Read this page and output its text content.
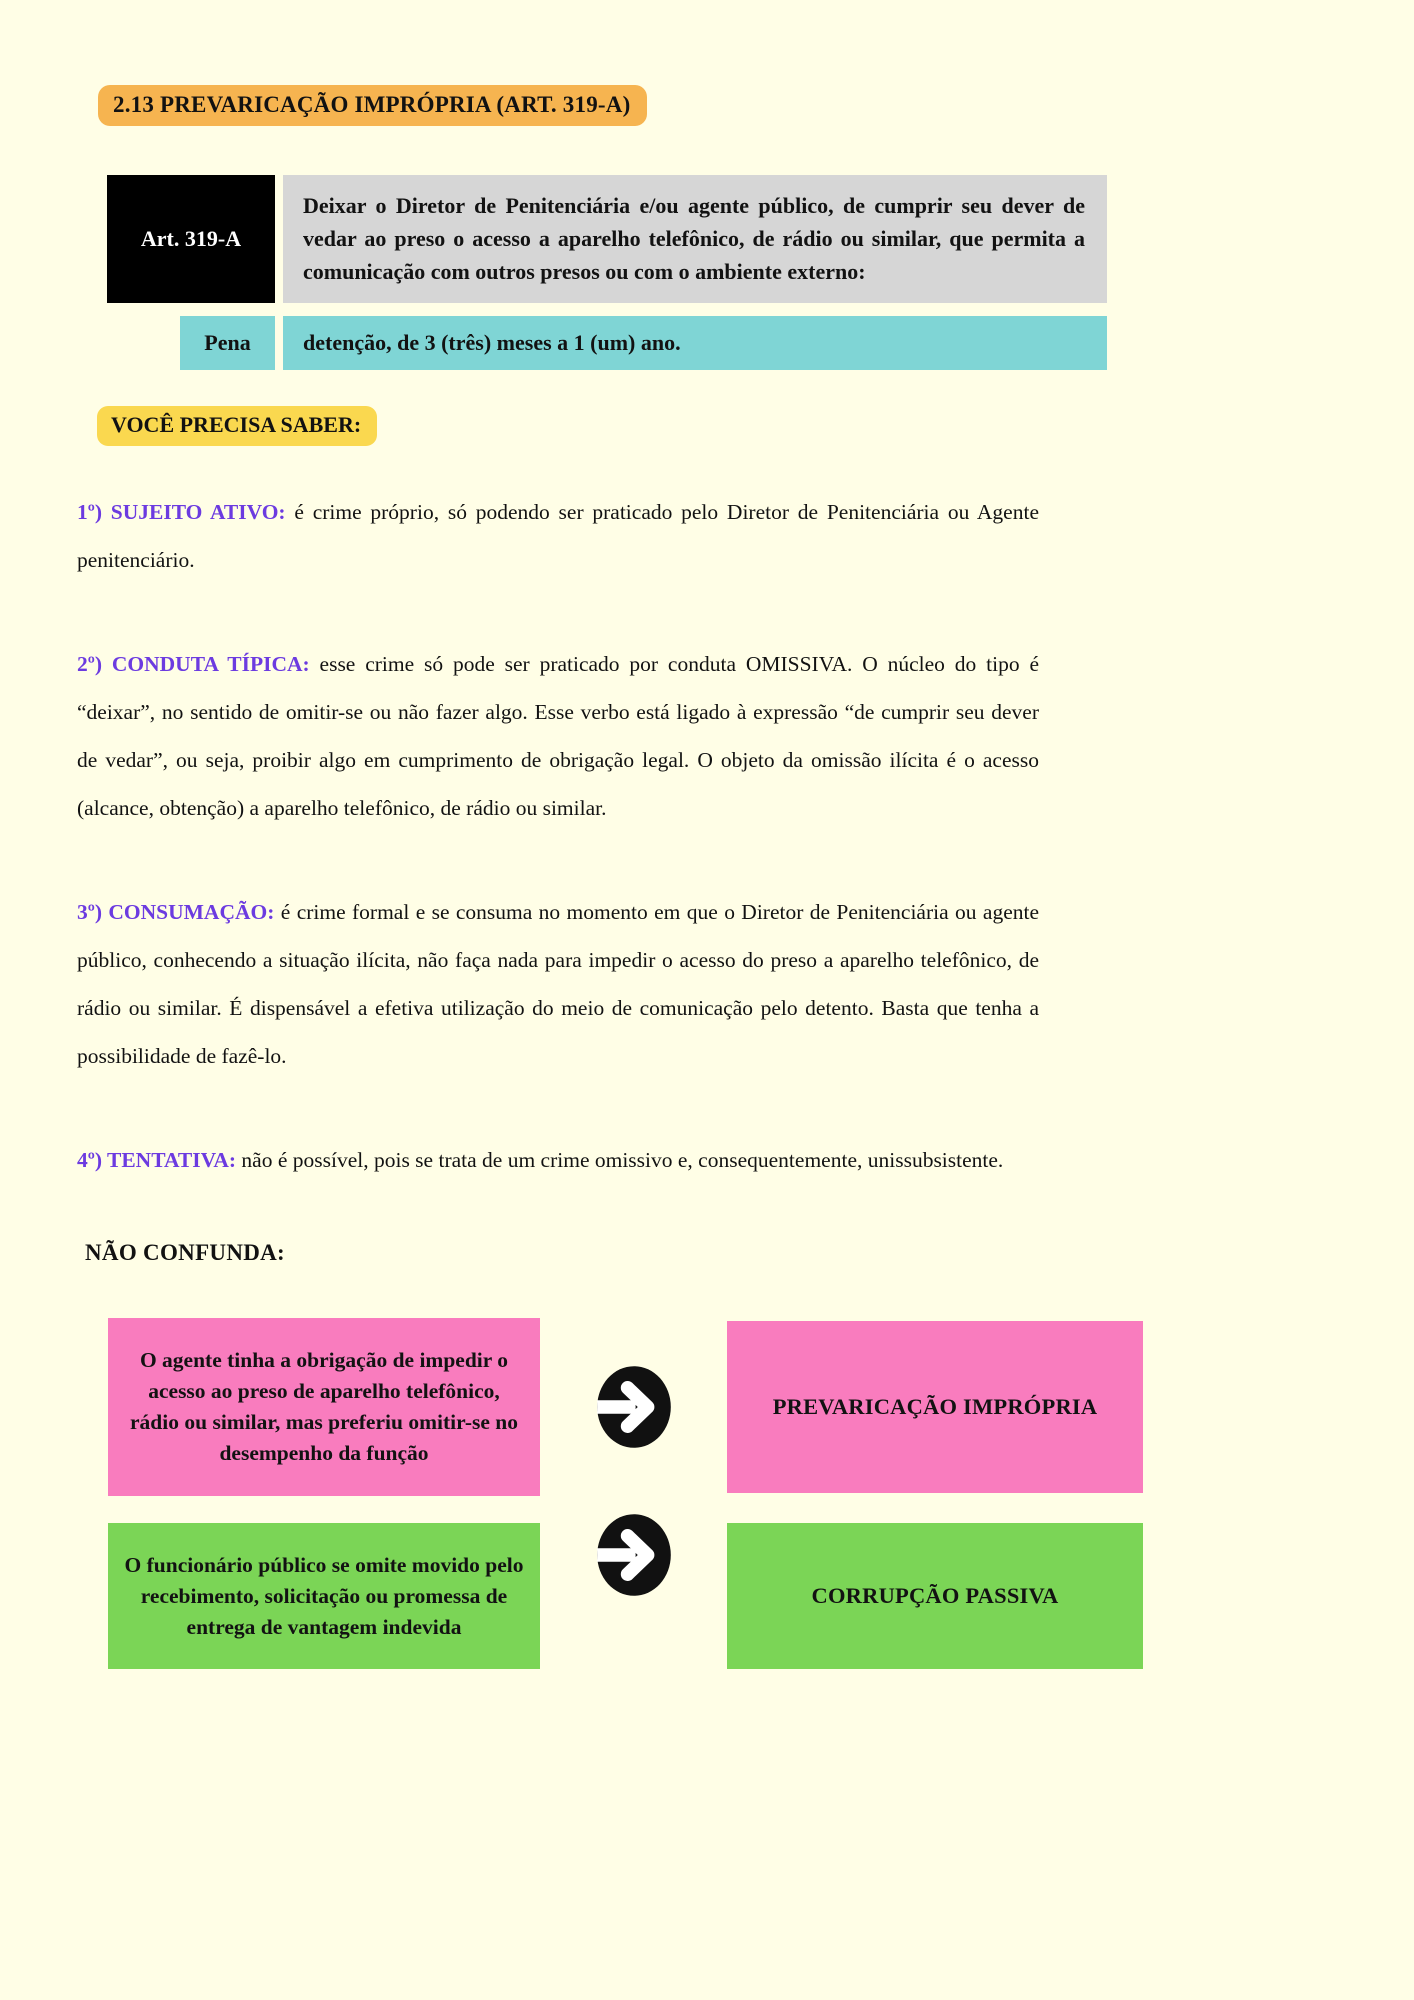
2.13 PREVARICAÇÃO IMPRÓPRIA (ART. 319-A)
Art. 319-A
Deixar o Diretor de Penitenciária e/ou agente público, de cumprir seu dever de vedar ao preso o acesso a aparelho telefônico, de rádio ou similar, que permita a comunicação com outros presos ou com o ambiente externo:
Pena	detenção, de 3 (três) meses a 1 (um) ano.
VOCÊ PRECISA SABER:

1º) SUJEITO ATIVO: é crime próprio, só podendo ser praticado pelo Diretor de Penitenciária ou Agente penitenciário.

2º) CONDUTA TÍPICA: esse crime só pode ser praticado por conduta OMISSIVA. O núcleo do tipo é “deixar”, no sentido de omitir-se ou não fazer algo. Esse verbo está ligado à expressão “de cumprir seu dever de vedar”, ou seja, proibir algo em cumprimento de obrigação legal. O objeto da omissão ilícita é o acesso (alcance, obtenção) a aparelho telefônico, de rádio ou similar.

3º) CONSUMAÇÃO: é crime formal e se consuma no momento em que o Diretor de Penitenciária ou agente público, conhecendo a situação ilícita, não faça nada para impedir o acesso do preso a aparelho telefônico, de rádio ou similar. É dispensável a efetiva utilização do meio de comunicação pelo detento. Basta que tenha a possibilidade de fazê-lo.

4º) TENTATIVA: não é possível, pois se trata de um crime omissivo e, consequentemente, unissubsistente.

NÃO CONFUNDA:
O agente tinha a obrigação de impedir o acesso ao preso de aparelho telefônico, rádio ou similar, mas preferiu omitir-se no desempenho da função
PREVARICAÇÃO IMPRÓPRIA
O funcionário público se omite movido pelo recebimento, solicitação ou promessa de entrega de vantagem indevida
CORRUPÇÃO PASSIVA
